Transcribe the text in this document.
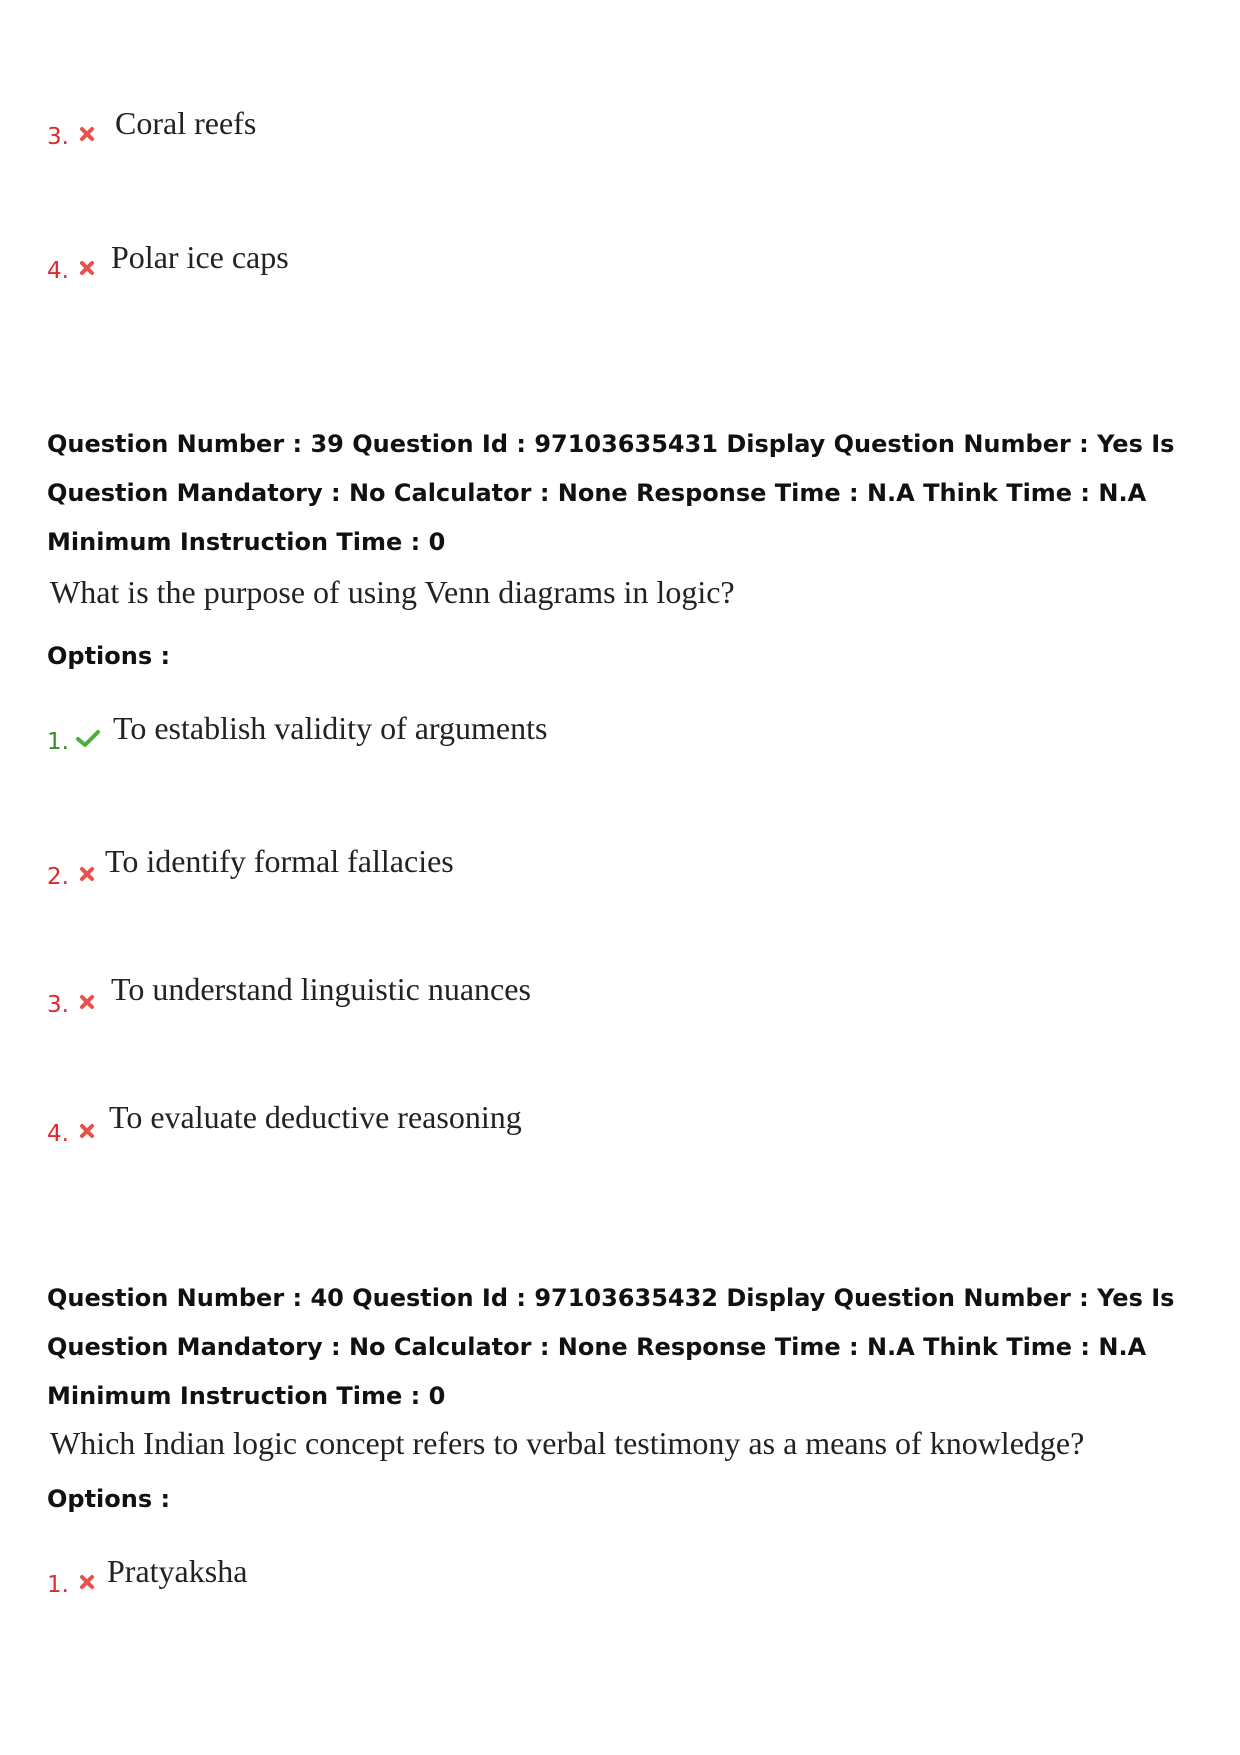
3. Coral reefs
4. Polar ice caps
Question Number : 39 Question Id : 97103635431 Display Question Number : Yes Is Question Mandatory : No Calculator : None Response Time : N.A Think Time : N.A Minimum Instruction Time : 0
What is the purpose of using Venn diagrams in logic?
Options :
1. To establish validity of arguments
2. To identify formal fallacies
3. To understand linguistic nuances
4. To evaluate deductive reasoning
Question Number : 40 Question Id : 97103635432 Display Question Number : Yes Is Question Mandatory : No Calculator : None Response Time : N.A Think Time : N.A Minimum Instruction Time : 0
Which Indian logic concept refers to verbal testimony as a means of knowledge?
Options :
1. Pratyaksha
